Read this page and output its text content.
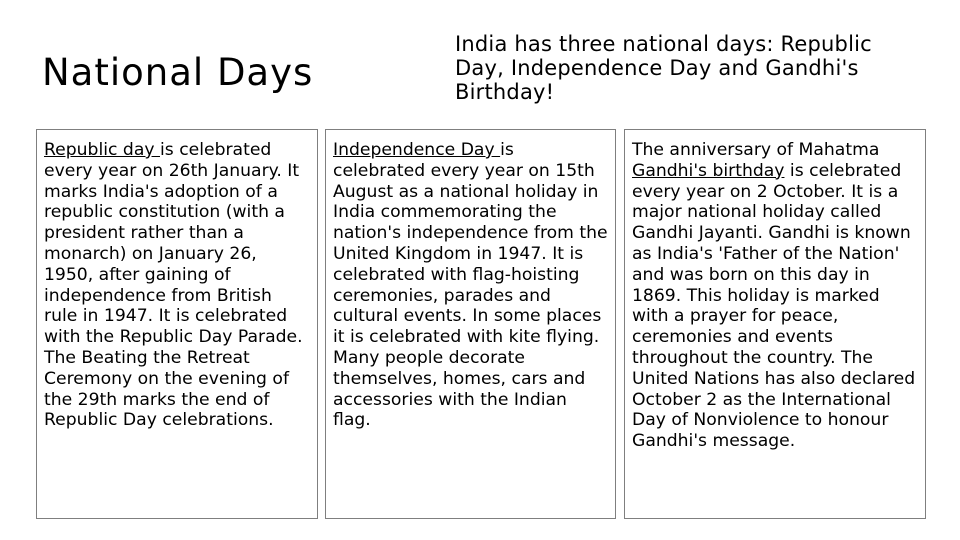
National Days

India has three national days: Republic Day, Independence Day and Gandhi's Birthday!

Republic day is celebrated every year on 26th January. It marks India's adoption of a republic constitution (with a president rather than a monarch) on January 26, 1950, after gaining of independence from British rule in 1947. It is celebrated with the Republic Day Parade. The Beating the Retreat Ceremony on the evening of the 29th marks the end of Republic Day celebrations.

Independence Day is celebrated every year on 15th August as a national holiday in India commemorating the nation's independence from the United Kingdom in 1947. It is celebrated with flag-hoisting ceremonies, parades and cultural events. In some places it is celebrated with kite flying. Many people decorate themselves, homes, cars and accessories with the Indian flag.

The anniversary of Mahatma Gandhi's birthday is celebrated every year on 2 October. It is a major national holiday called Gandhi Jayanti. Gandhi is known as India's 'Father of the Nation' and was born on this day in 1869. This holiday is marked with a prayer for peace, ceremonies and events throughout the country. The United Nations has also declared October 2 as the International Day of Nonviolence to honour Gandhi's message.
